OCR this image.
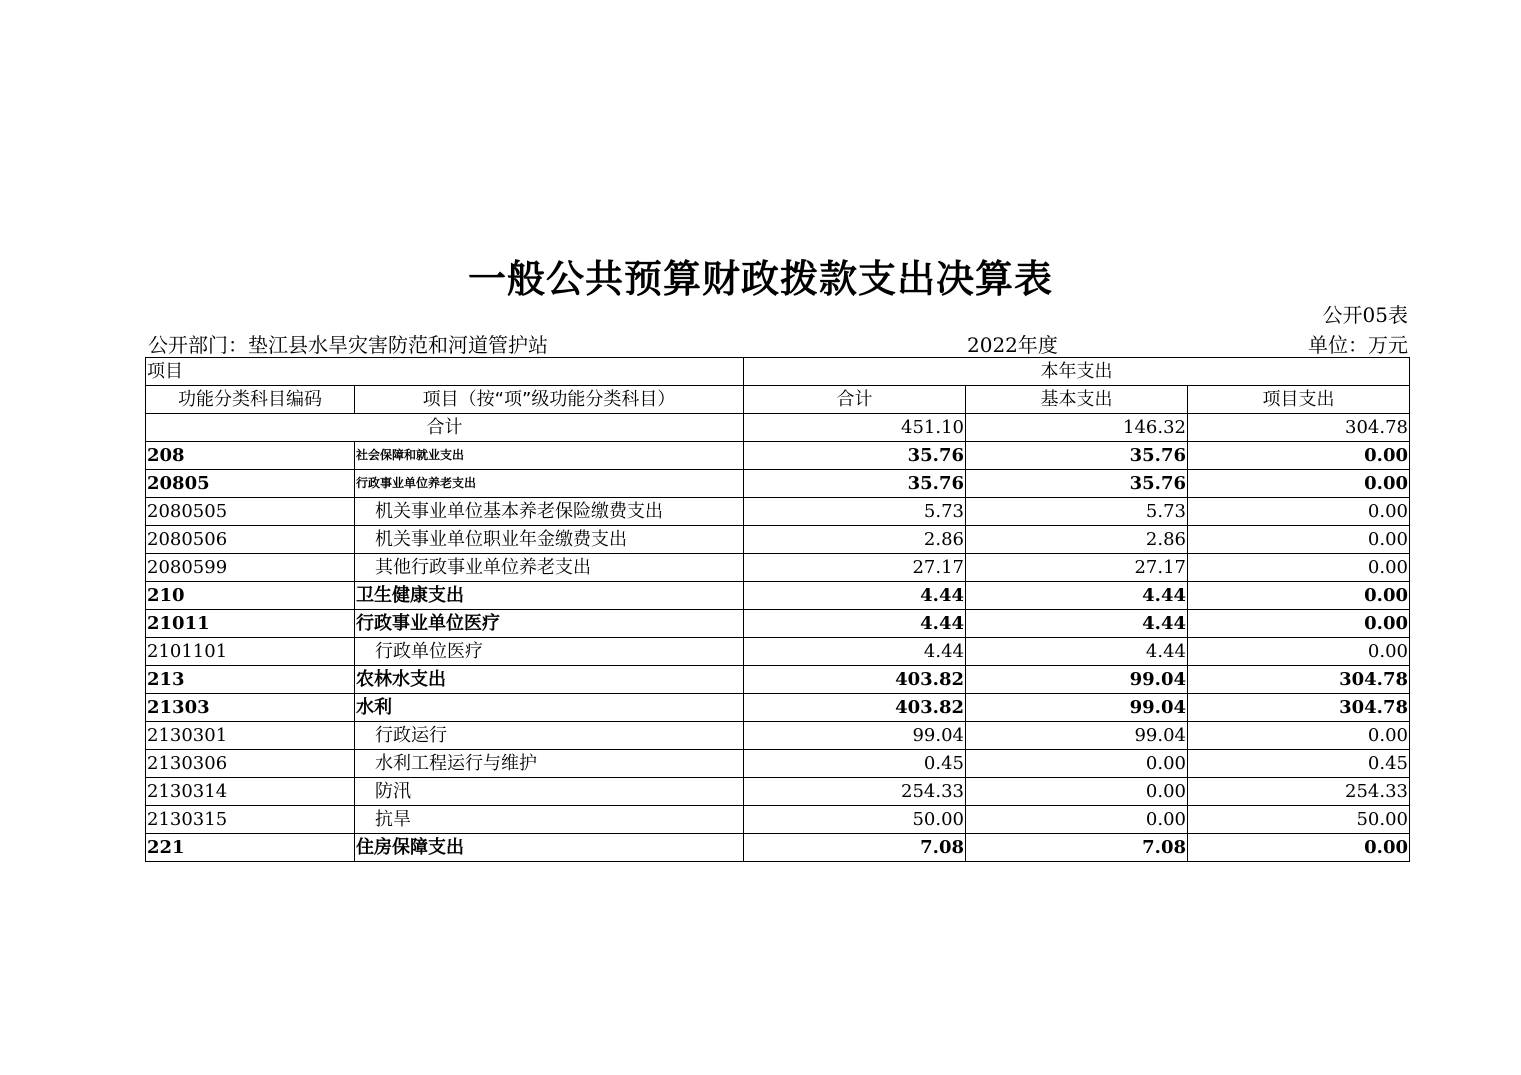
一般公共预算财政拨款支出决算表
公开05表
公开部门：垫江县水旱灾害防范和河道管护站	2022年度	单位：万元
项目		本年支出		
功能分类科目编码	项目（按“项”级功能分类科目）	合计	基本支出	项目支出
合计		451.10	146.32	304.78
208	社会保障和就业支出	35.76	35.76	0.00
20805	行政事业单位养老支出	35.76	35.76	0.00
2080505	机关事业单位基本养老保险缴费支出	5.73	5.73	0.00
2080506	机关事业单位职业年金缴费支出	2.86	2.86	0.00
2080599	其他行政事业单位养老支出	27.17	27.17	0.00
210	卫生健康支出	4.44	4.44	0.00
21011	行政事业单位医疗	4.44	4.44	0.00
2101101	行政单位医疗	4.44	4.44	0.00
213	农林水支出	403.82	99.04	304.78
21303	水利	403.82	99.04	304.78
2130301	行政运行	99.04	99.04	0.00
2130306	水利工程运行与维护	0.45	0.00	0.45
2130314	防汛	254.33	0.00	254.33
2130315	抗旱	50.00	0.00	50.00
221	住房保障支出	7.08	7.08	0.00
